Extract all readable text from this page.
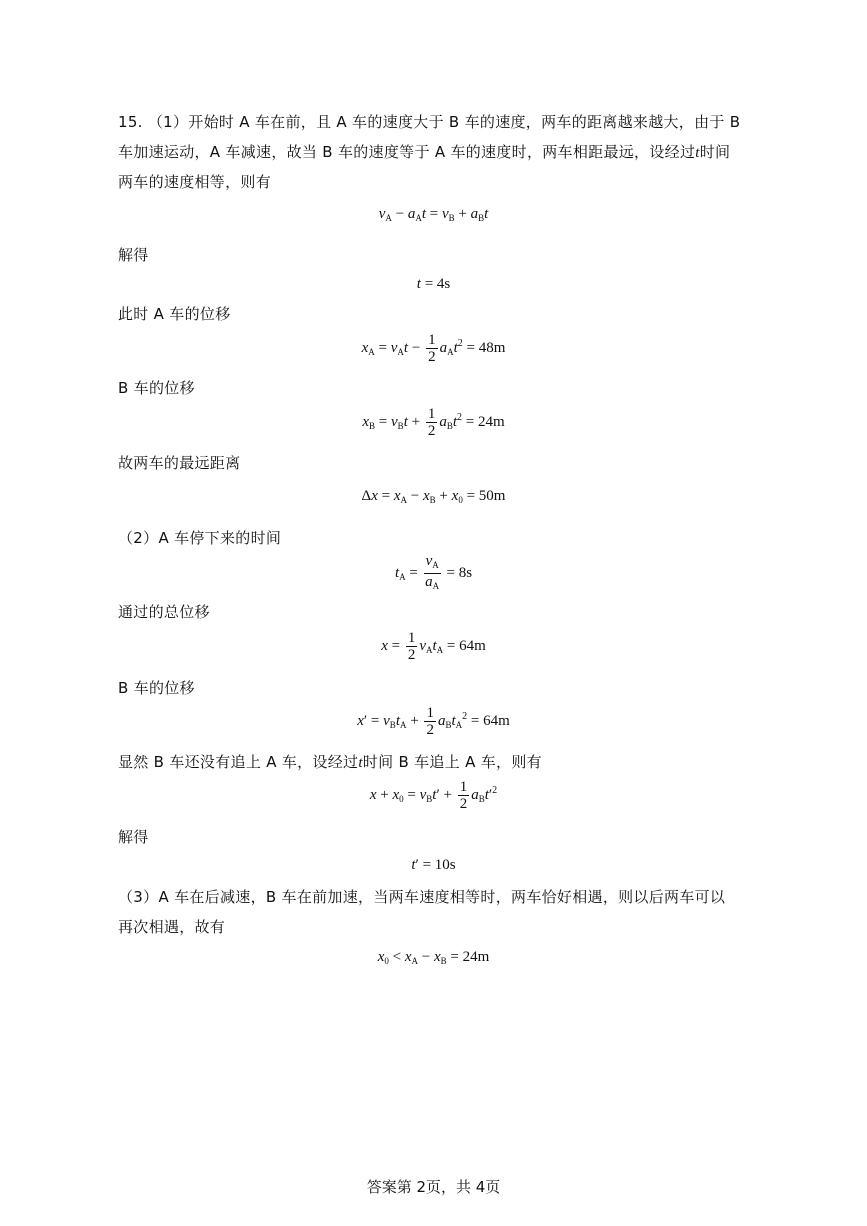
15. （1）开始时 A 车在前，且 A 车的速度大于 B 车的速度，两车的距离越来越大，由于 B
车加速运动，A 车减速，故当 B 车的速度等于 A 车的速度时，两车相距最远，设经过t时间
两车的速度相等，则有
$v_A - a_At = v_B + a_Bt$
解得
t = 4s
此时 A 车的位移
$x_A = v_At - \frac{1}{2} a_At^2 = 48m$
B 车的位移
$x_B = v_Bt + \frac{1}{2} a_Bt^2 = 24m$
故两车的最远距离
$\Delta x = x_A - x_B + x_0 = 50m$
（2）A 车停下来的时间
$t_A = \frac{v_A}{a_A} = 8s$
通过的总位移
$x = \frac{1}{2} v_At_A = 64m$
B 车的位移
$x' = v_Bt_A + \frac{1}{2} a_Bt_A^2 = 64m$
显然 B 车还没有追上 A 车，设经过t时间 B 车追上 A 车，则有
$x + x_0 = v_Bt' + \frac{1}{2} a_Bt'^2$
解得
t′ = 10s
（3）A 车在后减速，B 车在前加速，当两车速度相等时，两车恰好相遇，则以后两车可以
再次相遇，故有
$x_0 < x_A - x_B = 24m$
答案第 2页，共 4页
